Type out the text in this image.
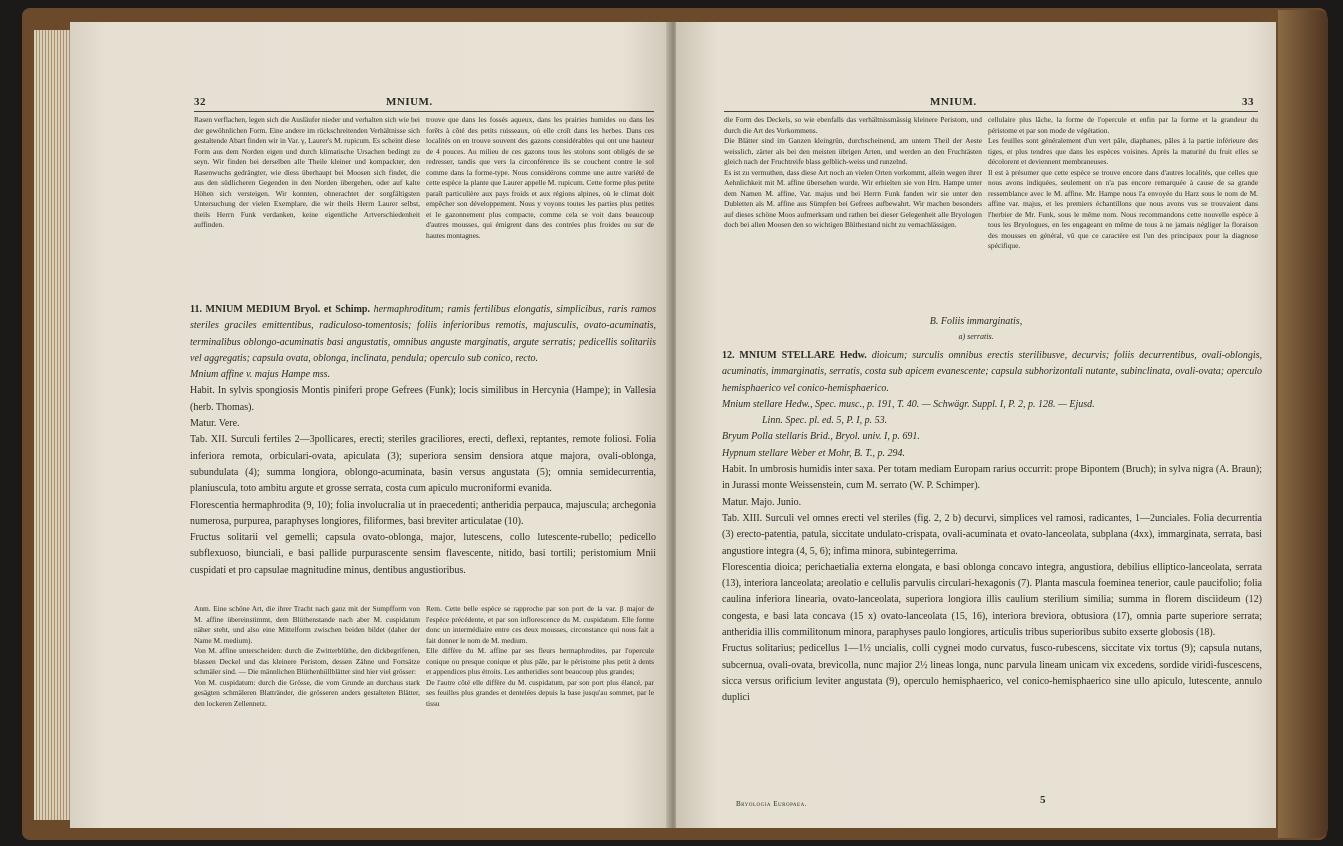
32	MNIUM.

Rasen verflachen, legen sich die Ausläufer nieder und verhalten sich wie bei der gewöhnlichen Form. Eine andere im rückschreitenden Verhältnisse sich gestaltende Abart finden wir in Var. γ, Laurer's M. rupicum. Es scheint diese Form aus dem Norden eigen und durch klimatische Ursachen bedingt zu seyn. Wir finden bei derselben alle Theile kleiner und kompackter, den Rasenwuchs gedrängter, wie diess überhaupt bei Moosen sich findet, die aus den südlicheren Gegenden in den Norden übergehen, oder auf kalte Höhen sich versteigen. Wir konnten, ohnerachtet der sorgfältigsten Untersuchung der vielen Exemplare, die wir theils Herrn Laurer selbst, theils Herrn Funk verdanken, keine eigentliche Artverschiedenheit auffinden.

trouve que dans les fossés aqueux, dans les prairies humides ou dans les forêts à côté des petits ruisseaux, où elle croît dans les herbes. Dans ces localités on en trouve souvent des gazons considérables qui ont une hauteur de 4 pouces. Au milieu de ces gazons tous les stolons sont obligés de se redresser, tandis que vers la circonférence ils se couchent contre le sol comme dans la forme-type. Nous considérons comme une autre variété de cette espèce la plante que Laurer appelle M. rupicum. Cette forme plus petite paraît particulière aux pays froids et aux régions alpines, où le climat doit empêcher son développement. Nous y voyons toutes les parties plus petites et le gazonnement plus compacte, comme cela se voit dans beaucoup d'autres mousses, qui émigrent dans des contrées plus froides ou sur de hautes montagnes.

11. MNIUM MEDIUM Bryol. et Schimp. hermaphroditum; ramis fertilibus elongatis, simplicibus, raris ramos steriles graciles emittentibus, radiculoso-tomentosis; foliis inferioribus remotis, majusculis, ovato-acuminatis, terminalibus oblongo-acuminatis basi angustatis, omnibus anguste marginatis, argute serratis; pedicellis solitariis vel aggregatis; capsula ovata, oblonga, inclinata, pendula; operculo sub conico, recto.

Mnium affine v. majus Hampe mss.

Habit. In sylvis spongiosis Montis piniferi prope Gefrees (Funk); locis similibus in Hercynia (Hampe); in Vallesia (herb. Thomas).

Matur. Vere.

Tab. XII. Surculi fertiles 2—3pollicares, erecti; steriles graciliores, erecti, deflexi, reptantes, remote foliosi. Folia inferiora remota, orbiculari-ovata, apiculata (3); superiora sensim densiora atque majora, ovali-oblonga, subundulata (4); summa longiora, oblongo-acuminata, basin versus angustata (5); omnia semidecurrentia, planiuscula, toto ambitu argute et grosse serrata, costa cum apiculo mucroniformi evanida.

Florescentia hermaphrodita (9, 10); folia involucralia ut in praecedenti; antheridia perpauca, majuscula; archegonia numerosa, purpurea, paraphyses longiores, filiformes, basi breviter articulatae (10).

Fructus solitarii vel gemelli; capsula ovato-oblonga, major, lutescens, collo lutescente-rubello; pedicello subflexuoso, biunciali, e basi pallide purpurascente sensim flavescente, nitido, basi tortili; peristomium Mnii cuspidati et pro capsulae magnitudine minus, dentibus angustioribus.

Anm. Eine schöne Art, die ihrer Tracht nach ganz mit der Sumpfform von M. affine übereinstimmt, dem Blüthenstande nach aber M. cuspidatum näher steht, und also eine Mittelform zwischen beiden bildet (daher der Name M. medium).

Von M. affine unterscheiden: durch die Zwitterblüthe, den dickbegrifenen, blassen Deckel und das kleinere Peristom, dessen Zähne und Fortsätze schmäler sind. — Die männlichen Blüthenhüllblätter sind hier viel grösser:

Von M. cuspidatum: durch die Grösse, die vom Grunde an durchaus stark gesägten schmäleren Blattränder, die grösseren anders gestalteten Blätter, den lockeren Zellennetz.

Rem. Cette belle espèce se rapproche par son port de la var. β major de l'espèce précédente, et par son inflorescence du M. cuspidatum. Elle forme donc un intermédiaire entre ces deux mousses, circonstance qui nous fait a fait donner le nom de M. medium.

Elle diffère du M. affine par ses fleurs hermaphrodites, par l'opercule conique ou presque conique et plus pâle, par le péristome plus petit à dents et appendices plus étroits. Les antheridies sont beaucoup plus grandes;

De l'autre côté elle diffère du M. cuspidatum, par son port plus élancé, par ses feuilles plus grandes et dentelées depuis la base jusqu'au sommet, par le tissu

MNIUM.	33

die Form des Deckels, so wie ebenfalls das verhältnissmässig kleinere Peristom, und durch die Art des Vorkommens.

Die Blätter sind im Ganzen kleingrün, durchscheinend, am untern Theil der Aeste weisslich, zärter als bei den meisten übrigen Arten, und werden an den Fruchtästen gleich nach der Fruchtreife blass gelblich-weiss und runzelnd.

Es ist zu vermuthen, dass diese Art noch an vielen Orten vorkommt, allein wegen ihrer Aehnlichkeit mit M. affine übersehen wurde. Wir erhielten sie von Hrn. Hampe unter dem Namen M. affine, Var. majus und bei Herrn Funk fanden wir sie unter den Dubletten als M. affine aus Sümpfen bei Gefrees aufbewahrt. Wir machen besonders auf dieses schöne Moos aufmerksam und rathen bei dieser Gelegenheit alle Bryologen doch bei allen Moosen den so wichtigen Blüthestand nicht zu vernachlässigen.

cellulaire plus lâche, la forme de l'opercule et enfin par la forme et la grandeur du péristome et par son mode de végétation.

Les feuilles sont généralement d'un vert pâle, diaphanes, pâles à la partie inférieure des tiges, et plus tendres que dans les espèces voisines. Après la maturité du fruit elles se décolorent et deviennent membraneuses.

Il est à présumer que cette espèce se trouve encore dans d'autres localités, que celles que nous avons indiquées, seulement on n'a pas encore remarquée à cause de sa grande ressemblance avec le M. affine. Mr. Hampe nous l'a envoyée du Harz sous le nom de M. affine var. majus, et les premiers échantillons que nous avons vus se trouvaient dans l'herbier de Mr. Funk, sous le même nom. Nous recommandons cette nouvelle espèce à tous les Bryologues, en les engageant en même de tous à ne jamais négliger la floraison des mousses en général, vû que ce caractère est l'un des principaux pour la diagnose spécifique.

B. Foliis immarginatis,
a) serratis.

12. MNIUM STELLARE Hedw. dioicum; surculis omnibus erectis sterilibusve, decurvis; foliis decurrentibus, ovali-oblongis, acuminatis, immarginatis, serratis, costa sub apicem evanescente; capsula subhorizontali nutante, subinclinata, ovali-ovata; operculo hemisphaerico vel conico-hemisphaerico.

Mnium stellare Hedw., Spec. musc., p. 191, T. 40. — Schwägr. Suppl. I, P. 2, p. 128. — Ejusd.

Linn. Spec. pl. ed. 5, P. I, p. 53.

Bryum Polla stellaris Brid., Bryol. univ. I, p. 691.

Hypnum stellare Weber et Mohr, B. T., p. 294.

Habit. In umbrosis humidis inter saxa. Per totam mediam Europam rarius occurrit: prope Bipontem (Bruch); in sylva nigra (A. Braun); in Jurassi monte Weissenstein, cum M. serrato (W. P. Schimper).

Matur. Majo. Junio.

Tab. XIII. Surculi vel omnes erecti vel steriles (fig. 2, 2 b) decurvi, simplices vel ramosi, radicantes, 1—2unciales. Folia decurrentia (3) erecto-patentia, patula, siccitate undulato-crispata, ovali-acuminata et ovato-lanceolata, subplana (4xx), immarginata, serrata, basi angustiore integra (4, 5, 6); infima minora, subintegerrima.

Florescentia dioica; perichaetialia externa elongata, e basi oblonga concavo integra, angustiora, debilius elliptico-lanceolata, serrata (13), interiora lanceolata; areolatio e cellulis parvulis circulari-hexagonis (7). Planta mascula foeminea tenerior, caule paucifolio; folia caulina inferiora linearia, ovato-lanceolata, superiora longiora illis caulium sterilium similia; summa in florem disciideum (12) congesta, e basi lata concava (15 x) ovato-lanceolata (15, 16), interiora breviora, obtusiora (17), omnia parte superiore serrata; antheridia illis commilitonum minora, paraphyses paulo longiores, articulis tribus superioribus subito exserte globosis (18).

Fructus solitarius; pedicellus 1—1½ uncialis, colli cygnei modo curvatus, fusco-rubescens, siccitate vix tortus (9); capsula nutans, subcernua, ovali-ovata, brevicolla, nunc majior 2½ lineas longa, nunc parvula lineam unicam vix excedens, sordide viridi-fuscescens, sicca versus orificium leviter angustata (9), operculo hemisphaerico, vel conico-hemisphaerico sine ullo apiculo, lutescente, annulo duplici

Bryologia Europaea.	5
